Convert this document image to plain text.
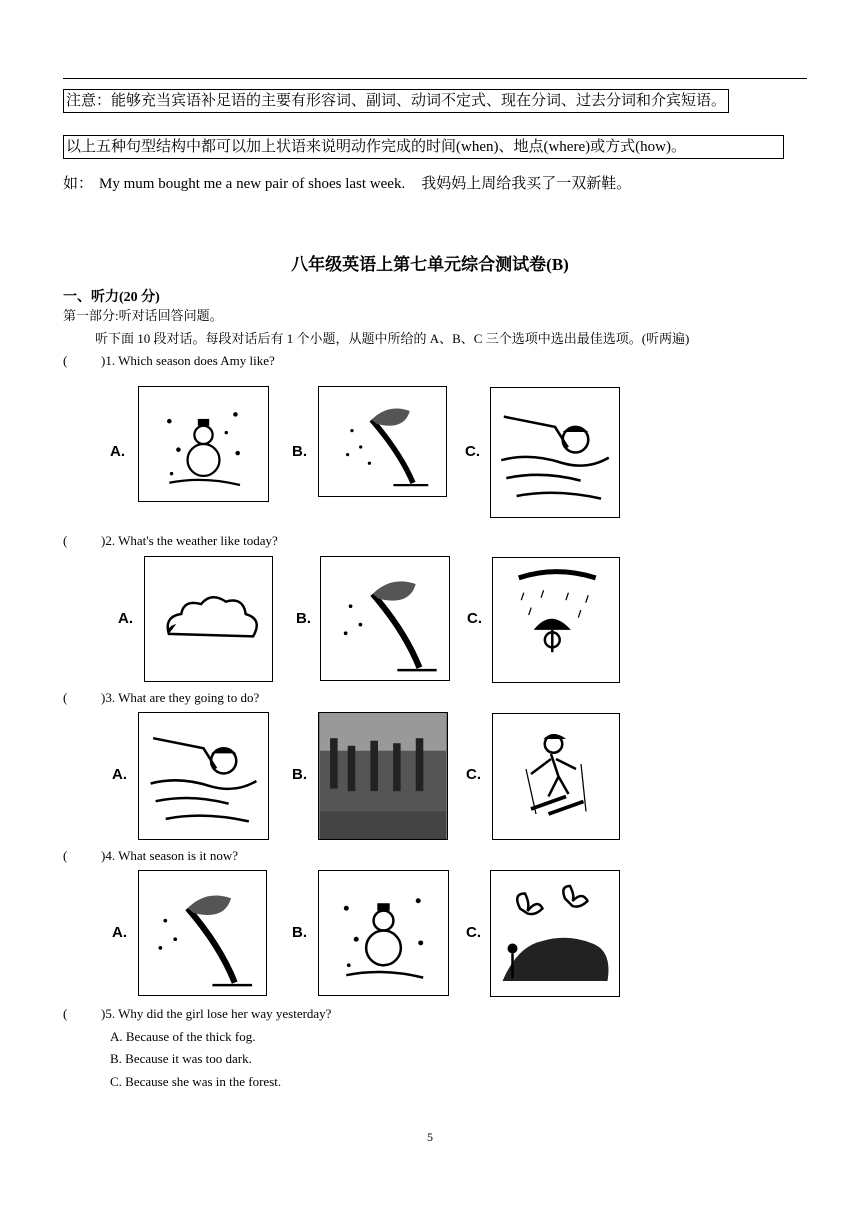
注意：能够充当宾语补足语的主要有形容词、副词、动词不定式、现在分词、过去分词和介宾短语。
以上五种句型结构中都可以加上状语来说明动作完成的时间(when)、地点(where)或方式(how)。
如： My mum bought me a new pair of shoes last week. 我妈妈上周给我买了一双新鞋。
八年级英语上第七单元综合测试卷(B)
一、听力(20 分)
第一部分:听对话回答问题。
听下面 10 段对话。每段对话后有 1 个小题，从题中所给的 A、B、C 三个选项中选出最佳选项。(听两遍)
(	)1. Which season does Amy like?
A.	B.	C.
(	)2. What's the weather like today?
A.	B.	C.
(	)3. What are they going to do?
A.	B.	C.
(	)4. What season is it now?
A.	B.	C.
(	)5. Why did the girl lose her way yesterday?
A. Because of the thick fog.
B. Because it was too dark.
C. Because she was in the forest.
5
